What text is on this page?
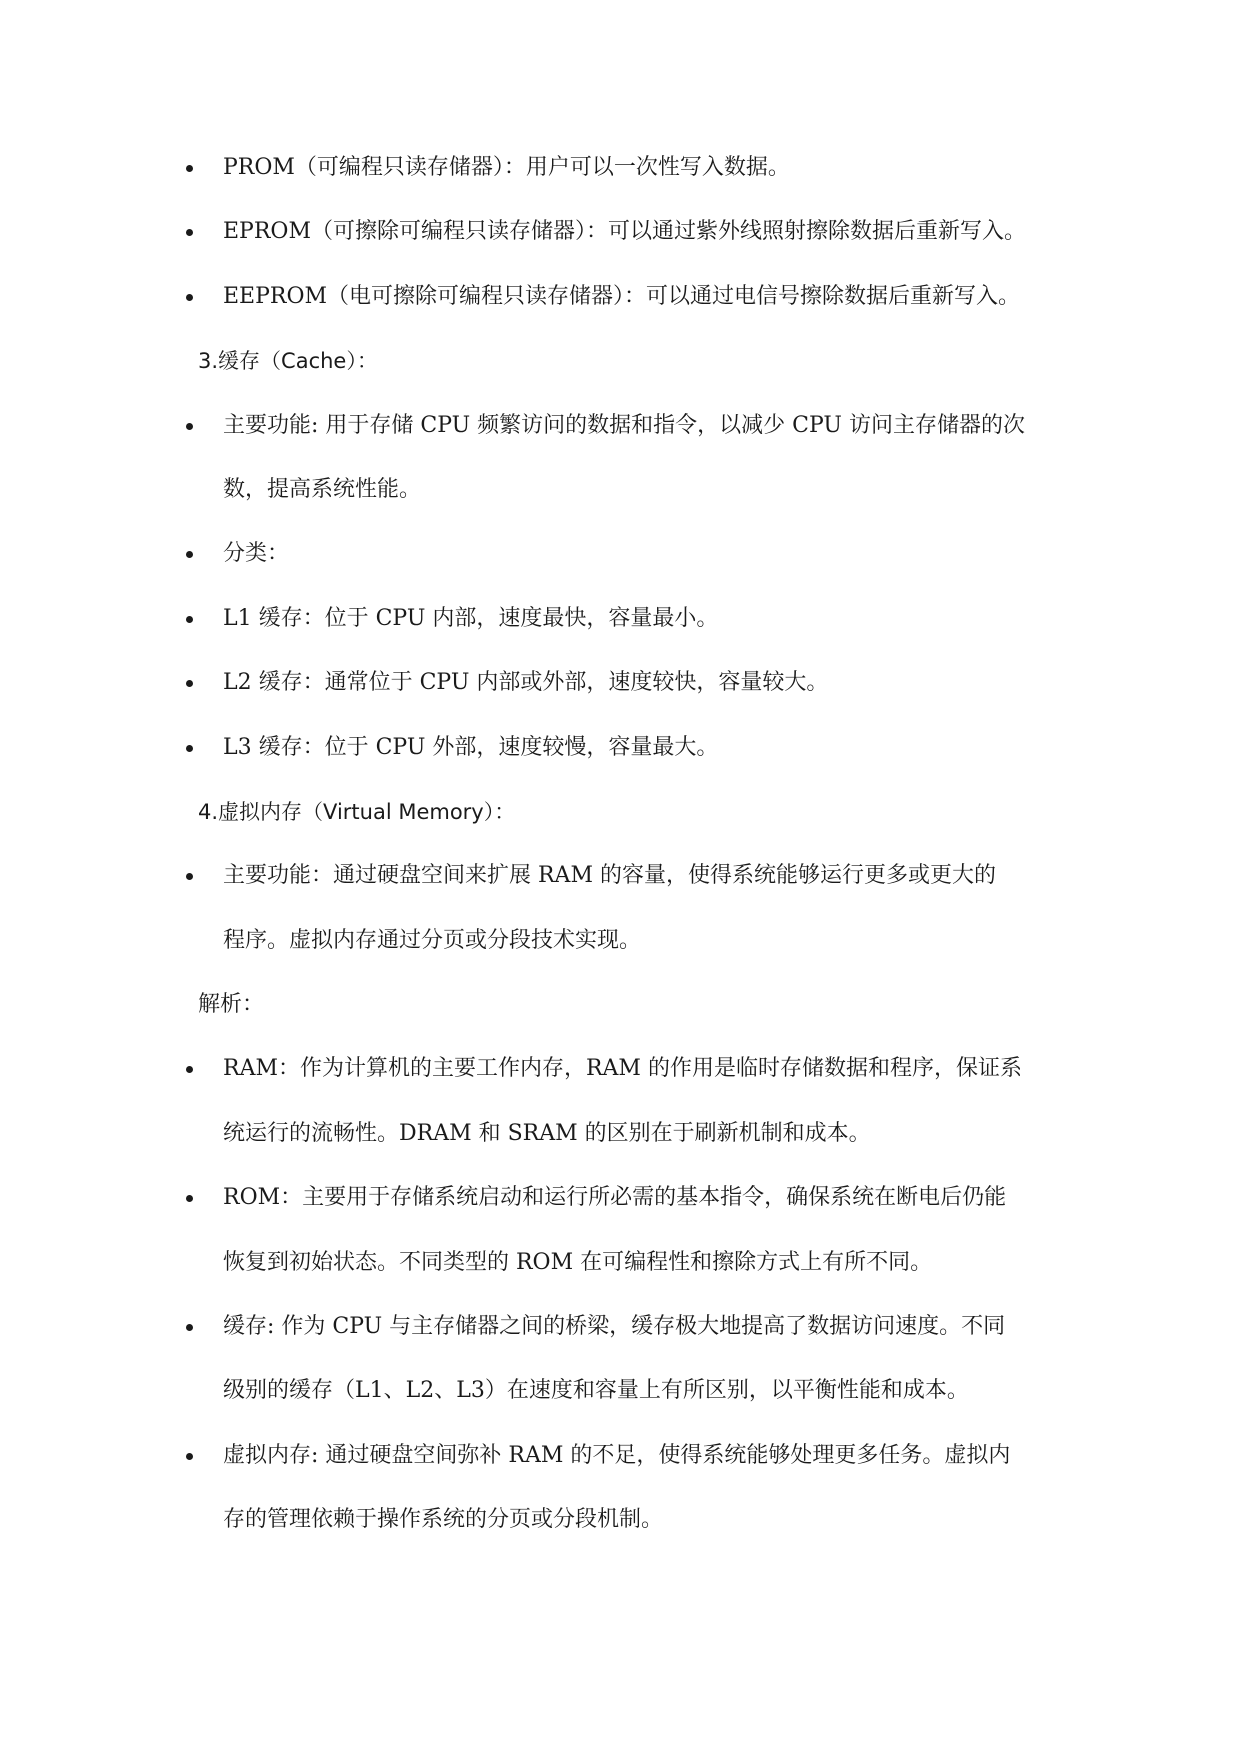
PROM（可编程只读存储器）：用户可以一次性写入数据。
EPROM（可擦除可编程只读存储器）：可以通过紫外线照射擦除数据后重新写入。
EEPROM（电可擦除可编程只读存储器）：可以通过电信号擦除数据后重新写入。
3.缓存（Cache）：
主要功能: 用于存储 CPU 频繁访问的数据和指令，以减少 CPU 访问主存储器的次
数，提高系统性能。
分类：
L1 缓存：位于 CPU 内部，速度最快，容量最小。
L2 缓存：通常位于 CPU 内部或外部，速度较快，容量较大。
L3 缓存：位于 CPU 外部，速度较慢，容量最大。
4.虚拟内存（Virtual Memory）：
主要功能：通过硬盘空间来扩展 RAM 的容量，使得系统能够运行更多或更大的
程序。虚拟内存通过分页或分段技术实现。
解析：
RAM：作为计算机的主要工作内存，RAM 的作用是临时存储数据和程序，保证系
统运行的流畅性。DRAM 和 SRAM 的区别在于刷新机制和成本。
ROM：主要用于存储系统启动和运行所必需的基本指令，确保系统在断电后仍能
恢复到初始状态。不同类型的 ROM 在可编程性和擦除方式上有所不同。
缓存: 作为 CPU 与主存储器之间的桥梁，缓存极大地提高了数据访问速度。不同
级别的缓存（L1、L2、L3）在速度和容量上有所区别，以平衡性能和成本。
虚拟内存: 通过硬盘空间弥补 RAM 的不足，使得系统能够处理更多任务。虚拟内
存的管理依赖于操作系统的分页或分段机制。
